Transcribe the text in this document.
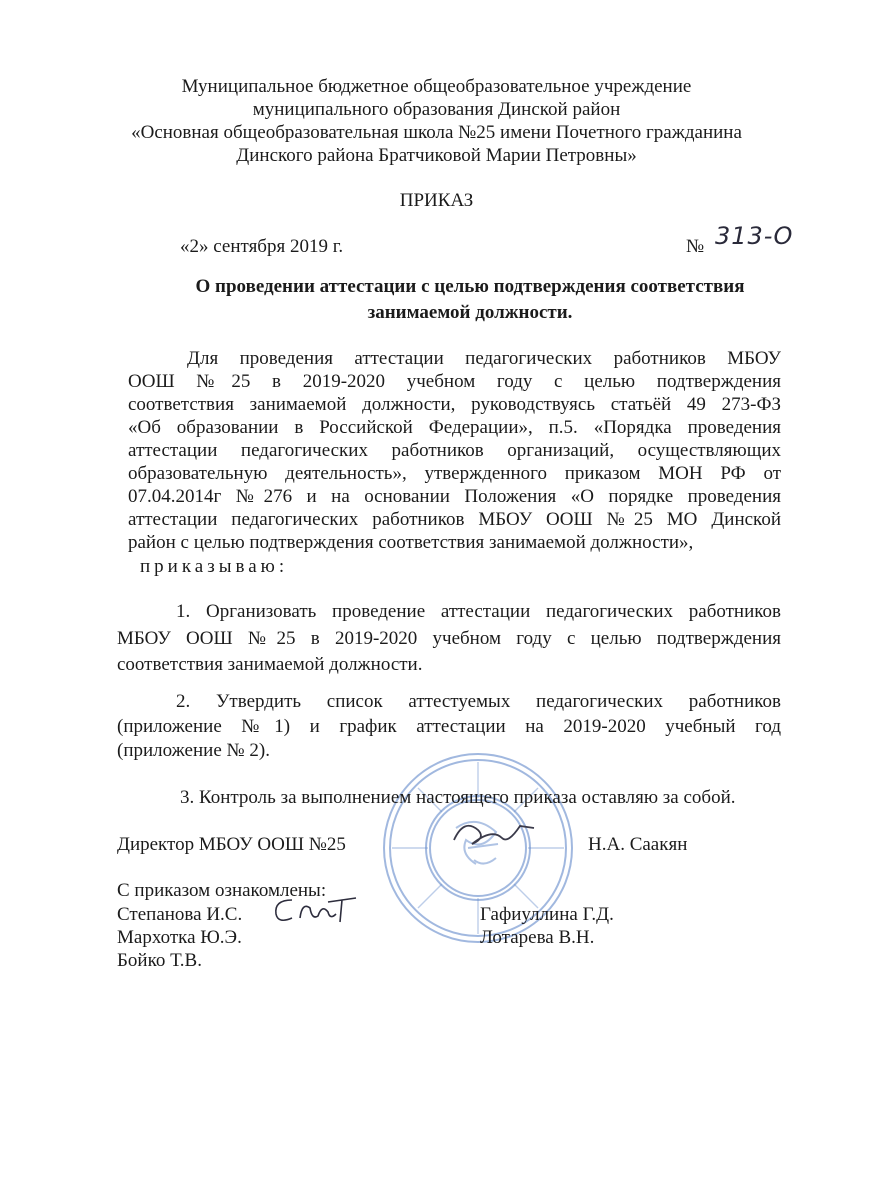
Муниципальное бюджетное общеобразовательное учреждение
муниципального образования Динской район
«Основная общеобразовательная школа №25 имени Почетного гражданина
Динского района Братчиковой Марии Петровны»
ПРИКАЗ
«2» сентября 2019 г.	№ 313-О
О проведении аттестации с целью подтверждения соответствия
занимаемой должности.
Для проведения аттестации педагогических работников МБОУ
ООШ №25 в 2019-2020 учебном году с целью подтверждения
соответствия занимаемой должности, руководствуясь статьёй 49 273-ФЗ
«Об образовании в Российской Федерации», п.5. «Порядка проведения
аттестации педагогических работников организаций, осуществляющих
образовательную деятельность», утвержденного приказом МОН РФ от
07.04.2014г №276 и на основании Положения «О порядке проведения
аттестации педагогических работников МБОУ ООШ №25 МО Динской
район с целью подтверждения соответствия занимаемой должности»,
приказываю:
1. Организовать проведение аттестации педагогических работников
МБОУ ООШ №25 в 2019-2020 учебном году с целью подтверждения
соответствия занимаемой должности.
2. Утвердить список аттестуемых педагогических работников
(приложение №1) и график аттестации на 2019-2020 учебный год
(приложение № 2).
3. Контроль за выполнением настоящего приказа оставляю за собой.
Директор МБОУ ООШ №25	Н.А. Саакян
С приказом ознакомлены:
Степанова И.С.
Мархотка Ю.Э.
Бойко Т.В.
Гафиуллина Г.Д.
Лотарева В.Н.
